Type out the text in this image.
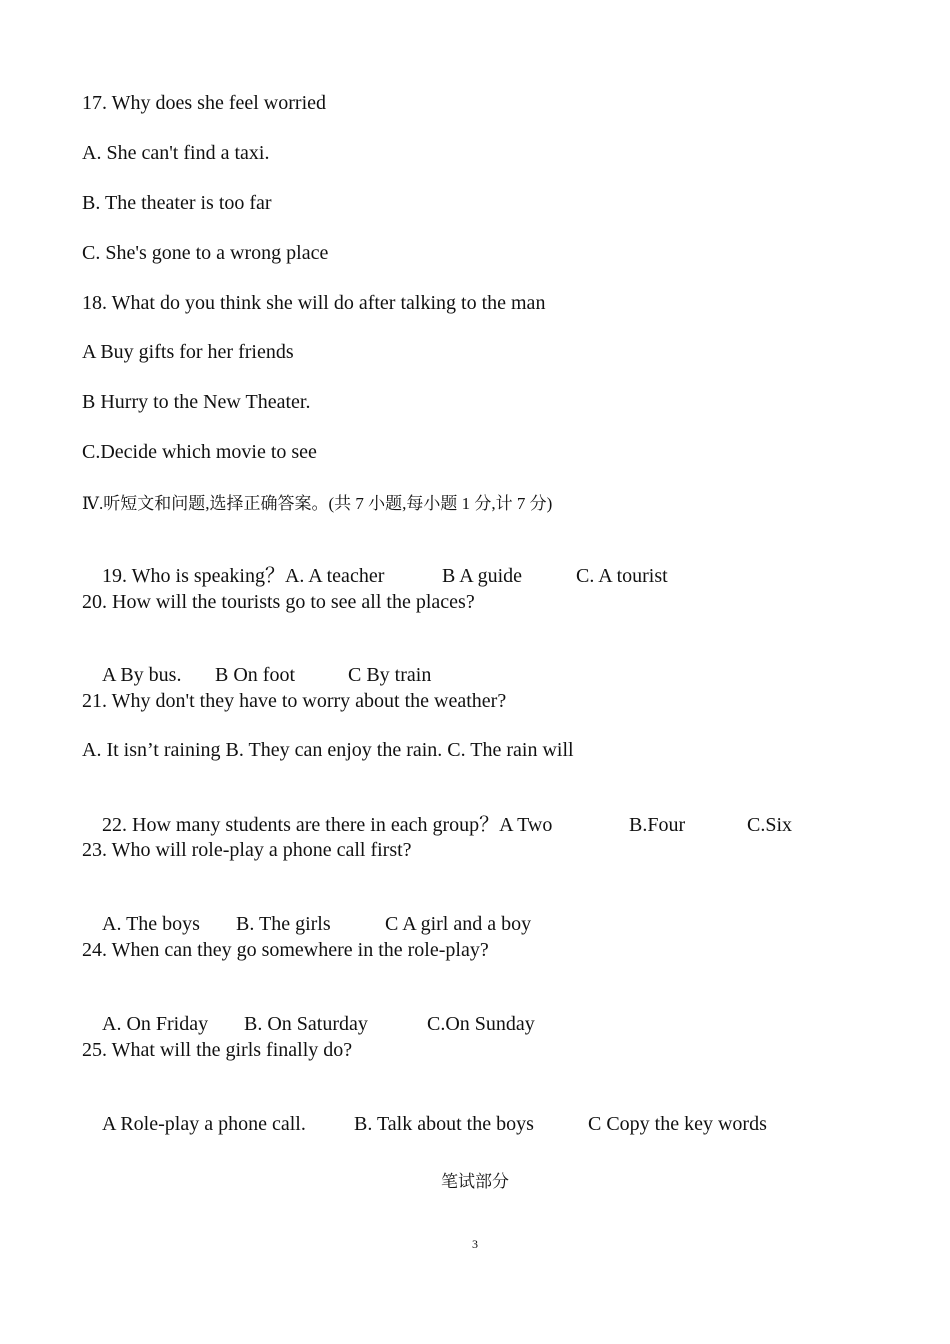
17. Why does she feel worried
A. She can't find a taxi.
B. The theater is too far
C. She's gone to a wrong place
18. What do you think she will do after talking to the man
A Buy gifts for her friends
B Hurry to the New Theater.
C.Decide which movie to see
Ⅳ.听短文和问题,选择正确答案。(共 7 小题,每小题 1 分,计 7 分)

19. Who is speaking？A. A teacher	B A guide	C. A tourist

20. How will the tourists go to see all the places?

A By bus. B On foot	C By train

21. Why don't they have to worry about the weather?
A. It isn’t raining B. They can enjoy the rain. C. The rain will

22. How many students are there in each group？A Two	B.Four	C.Six

23. Who will role-play a phone call first?

A. The boys B. The girls	C A girl and a boy

24. When can they go somewhere in the role-play?

A. On Friday B. On Saturday	C.On Sunday

25. What will the girls finally do?

A Role-play a phone call. B. Talk about the boys	C Copy the key words

笔试部分
3
